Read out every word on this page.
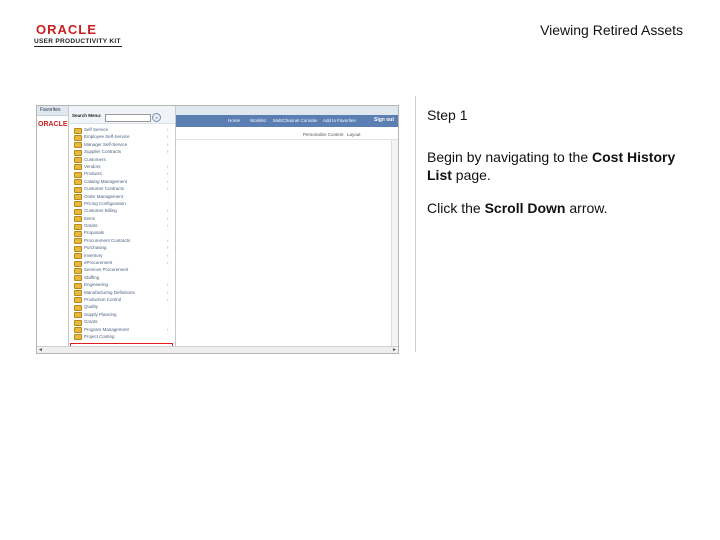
ORACLE
USER PRODUCTIVITY KIT
Viewing Retired Assets
Favorites
ORACLE
Home Worklist MultiChannel Console Add to Favorites	Sign out
Personalize Content Layout
Search Menu:	»
Self Service	›
Employee Self-Service	›
Manager Self-Service	›
Supplier Contracts	›
Customers
Vendors	›
Products	›
Catalog Management	›
Customer Contracts	›
Order Management
Pricing Configuration
Customer Billing	›
Items	›
Grants	›
Proposals
Procurement Contracts	›
Purchasing	›
Inventory	›
eProcurement	›
Services Procurement
Staffing
Engineering	›
Manufacturing Definitions	›
Production Control	›
Quality
Supply Planning
Grants
Program Management	›
Project Costing
◄	►
Step 1
Begin by navigating to the Cost History List page.
Click the Scroll Down arrow.
